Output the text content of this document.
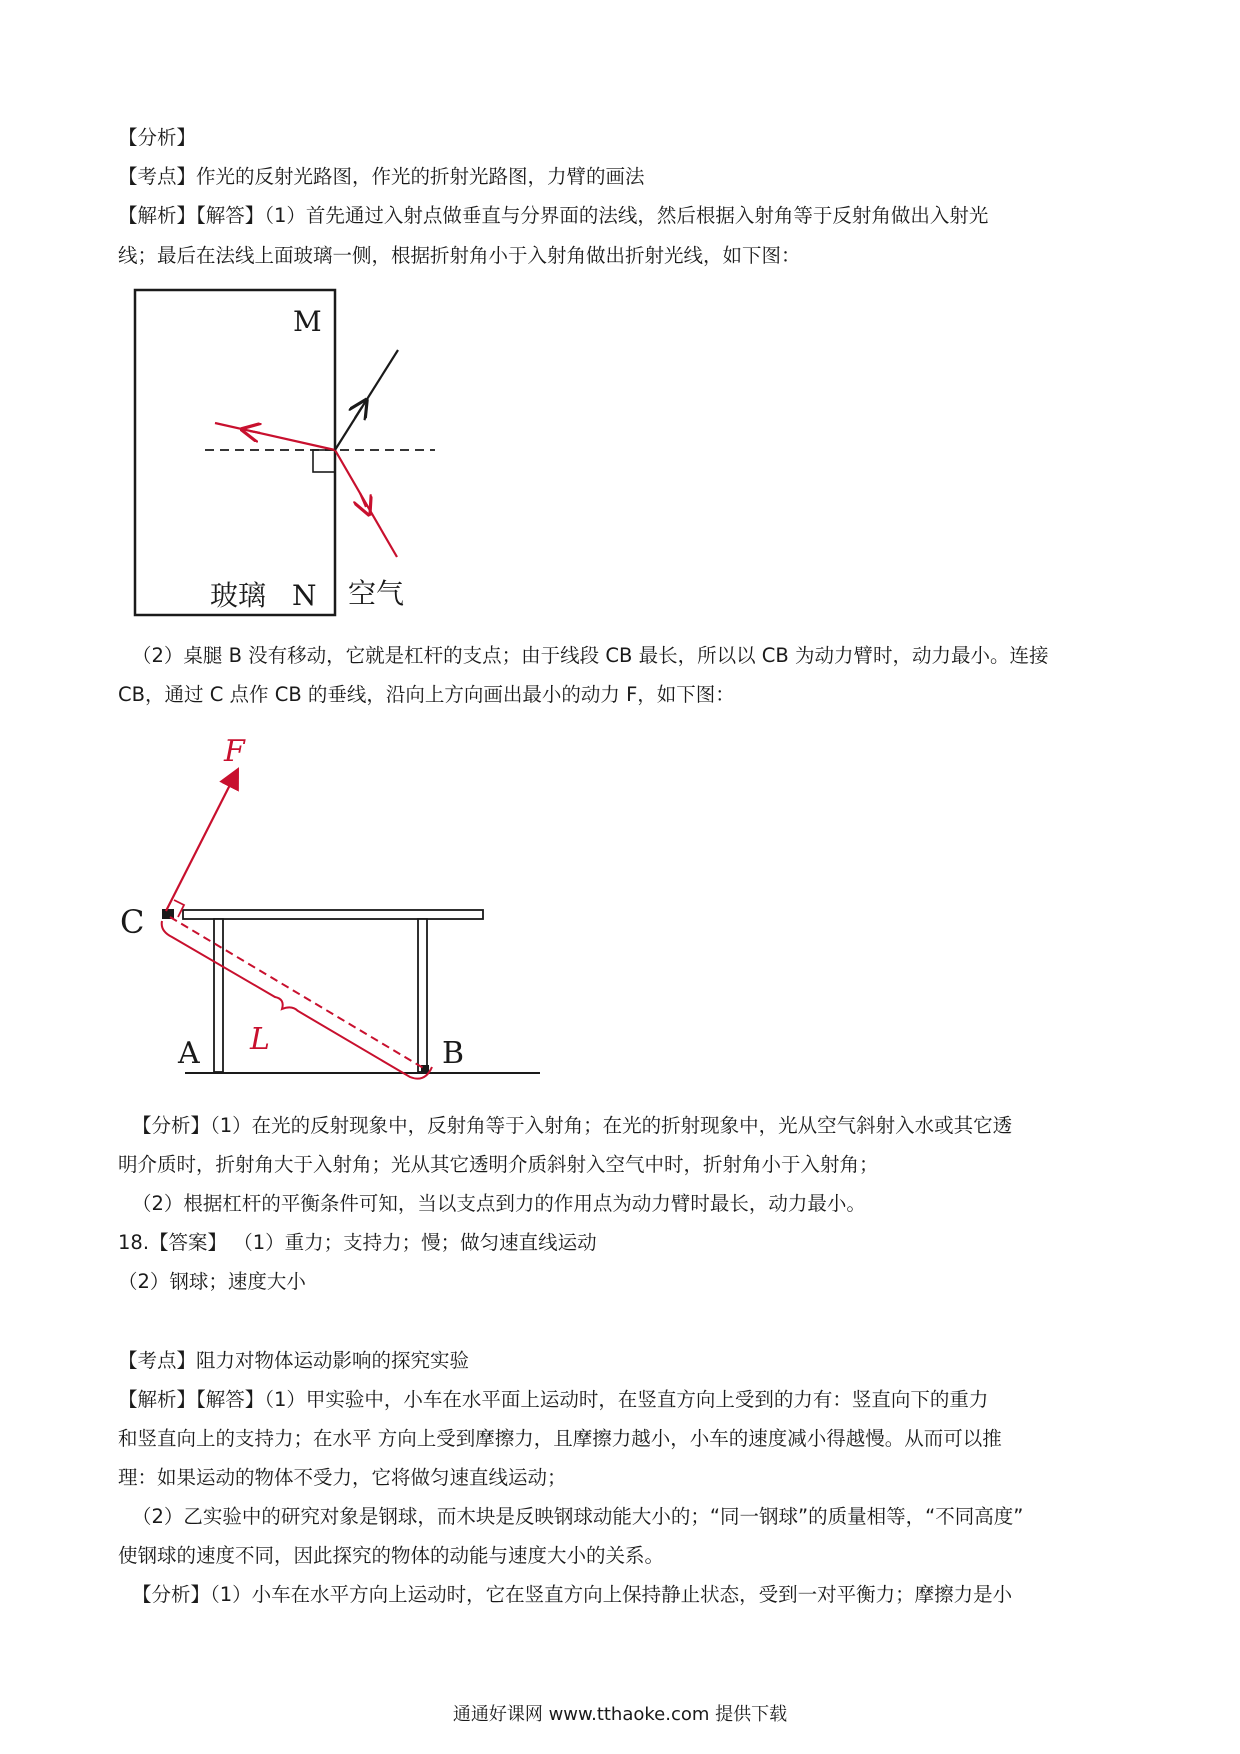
【分析】
【考点】作光的反射光路图，作光的折射光路图，力臂的画法
【解析】【解答】（1）首先通过入射点做垂直与分界面的法线，然后根据入射角等于反射角做出入射光
线；最后在法线上面玻璃一侧，根据折射角小于入射角做出折射光线，如下图：
M
N
玻璃	空气
（2）桌腿 B 没有移动，它就是杠杆的支点；由于线段 CB 最长，所以以 CB 为动力臂时，动力最小。连接
CB，通过 C 点作 CB 的垂线，沿向上方向画出最小的动力 F，如下图：
F
C
A	B
L
【分析】（1）在光的反射现象中，反射角等于入射角；在光的折射现象中，光从空气斜射入水或其它透
明介质时，折射角大于入射角；光从其它透明介质斜射入空气中时，折射角小于入射角；
（2）根据杠杆的平衡条件可知，当以支点到力的作用点为动力臂时最长，动力最小。
18.【答案】 （1）重力；支持力；慢；做匀速直线运动
（2）钢球；速度大小
【考点】阻力对物体运动影响的探究实验
【解析】【解答】（1）甲实验中，小车在水平面上运动时，在竖直方向上受到的力有：竖直向下的重力
和竖直向上的支持力；在水平 方向上受到摩擦力，且摩擦力越小，小车的速度减小得越慢。从而可以推
理：如果运动的物体不受力，它将做匀速直线运动；
（2）乙实验中的研究对象是钢球，而木块是反映钢球动能大小的；“同一钢球”的质量相等，“不同高度”
使钢球的速度不同，因此探究的物体的动能与速度大小的关系。
【分析】（1）小车在水平方向上运动时，它在竖直方向上保持静止状态，受到一对平衡力；摩擦力是小
通通好课网 www.tthaoke.com 提供下载
